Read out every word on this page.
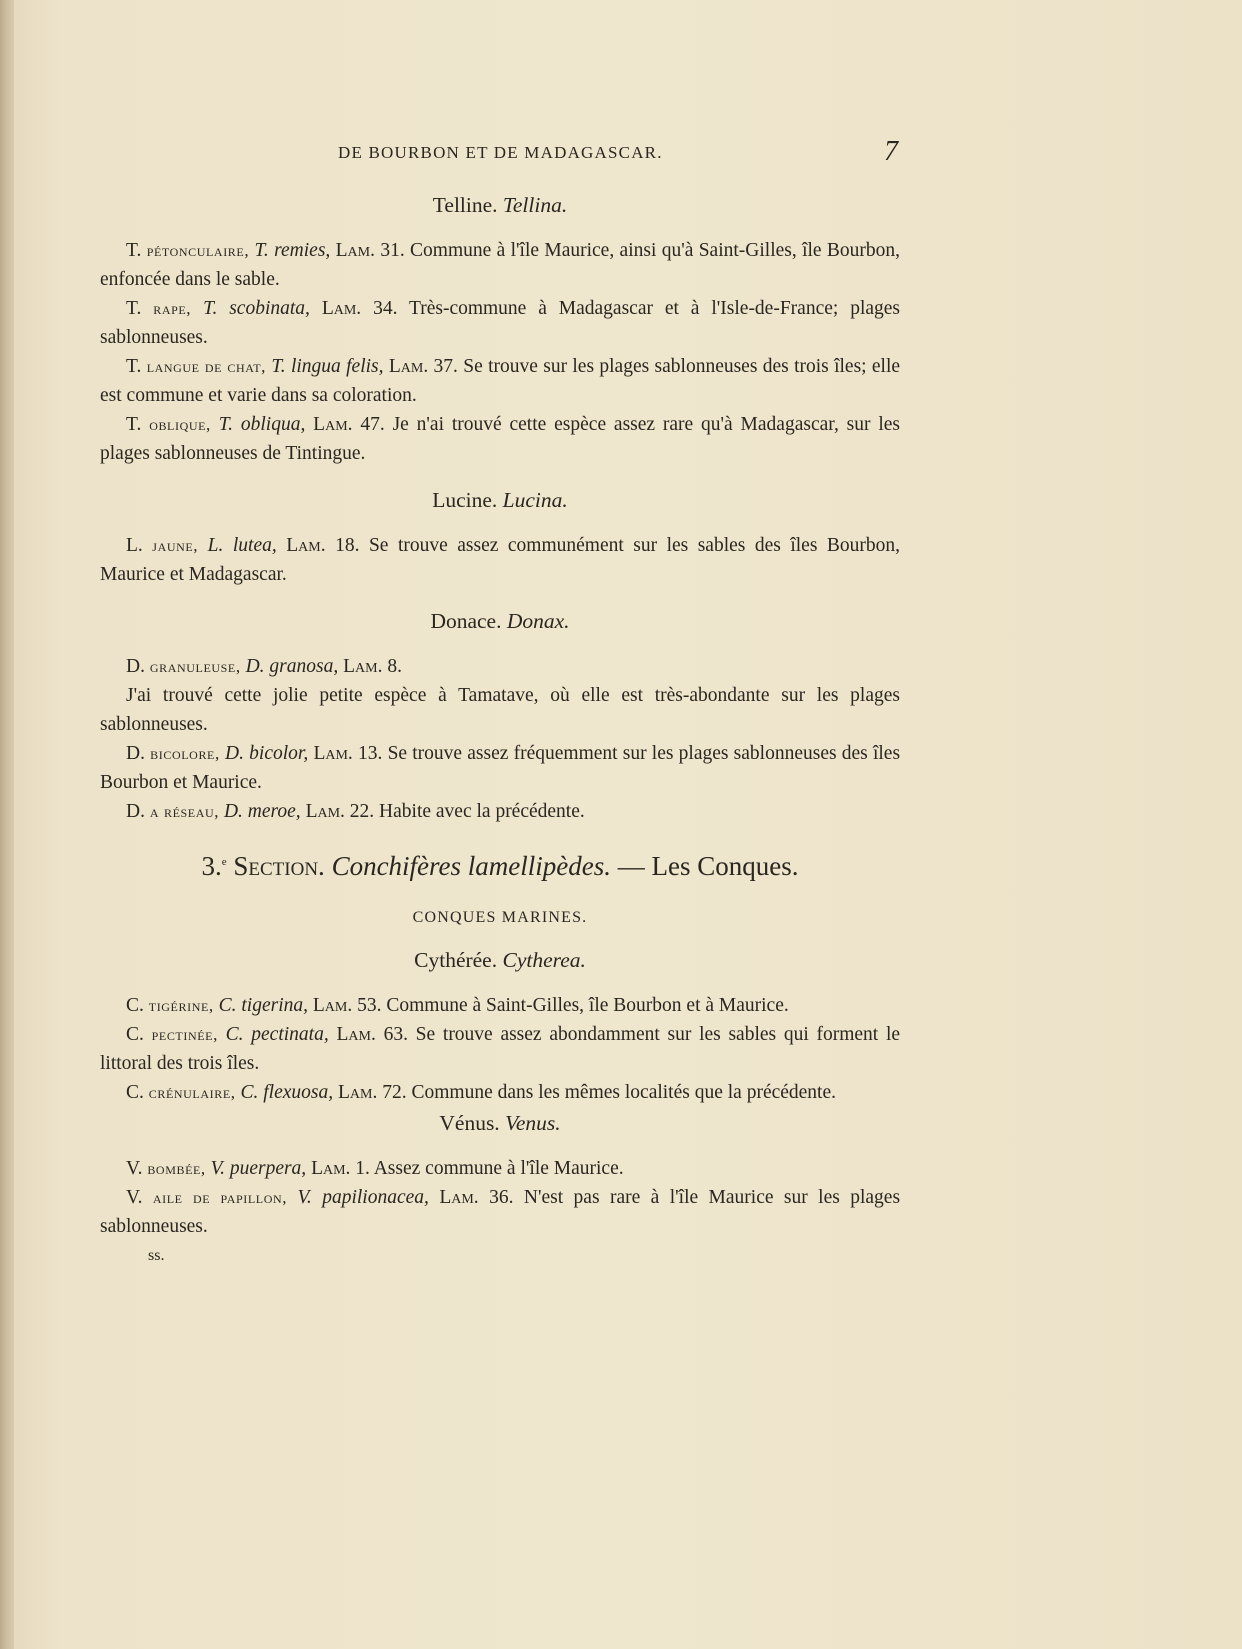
DE BOURBON ET DE MADAGASCAR.	7
Telline. Tellina.

T. pétonculaire, T. remies, Lam. 31. Commune à l'île Maurice, ainsi qu'à Saint-Gilles, île Bourbon, enfoncée dans le sable.

T. rape, T. scobinata, Lam. 34. Très-commune à Madagascar et à l'Isle-de-France; plages sablonneuses.

T. langue de chat, T. lingua felis, Lam. 37. Se trouve sur les plages sablonneuses des trois îles; elle est commune et varie dans sa coloration.

T. oblique, T. obliqua, Lam. 47. Je n'ai trouvé cette espèce assez rare qu'à Madagascar, sur les plages sablonneuses de Tintingue.

Lucine. Lucina.

L. jaune, L. lutea, Lam. 18. Se trouve assez communément sur les sables des îles Bourbon, Maurice et Madagascar.

Donace. Donax.

D. granuleuse, D. granosa, Lam. 8.

J'ai trouvé cette jolie petite espèce à Tamatave, où elle est très-abondante sur les plages sablonneuses.

D. bicolore, D. bicolor, Lam. 13. Se trouve assez fréquemment sur les plages sablonneuses des îles Bourbon et Maurice.

D. a réseau, D. meroe, Lam. 22. Habite avec la précédente.

3.$^e$ Section. Conchifères lamellipèdes. — Les Conques.
CONQUES MARINES.
Cythérée. Cytherea.

C. tigérine, C. tigerina, Lam. 53. Commune à Saint-Gilles, île Bourbon et à Maurice.

C. pectinée, C. pectinata, Lam. 63. Se trouve assez abondamment sur les sables qui forment le littoral des trois îles.

C. crénulaire, C. flexuosa, Lam. 72. Commune dans les mêmes localités que la précédente.

Vénus. Venus.

V. bombée, V. puerpera, Lam. 1. Assez commune à l'île Maurice.

V. aile de papillon, V. papilionacea, Lam. 36. N'est pas rare à l'île Maurice sur les plages sablonneuses.

ss.
